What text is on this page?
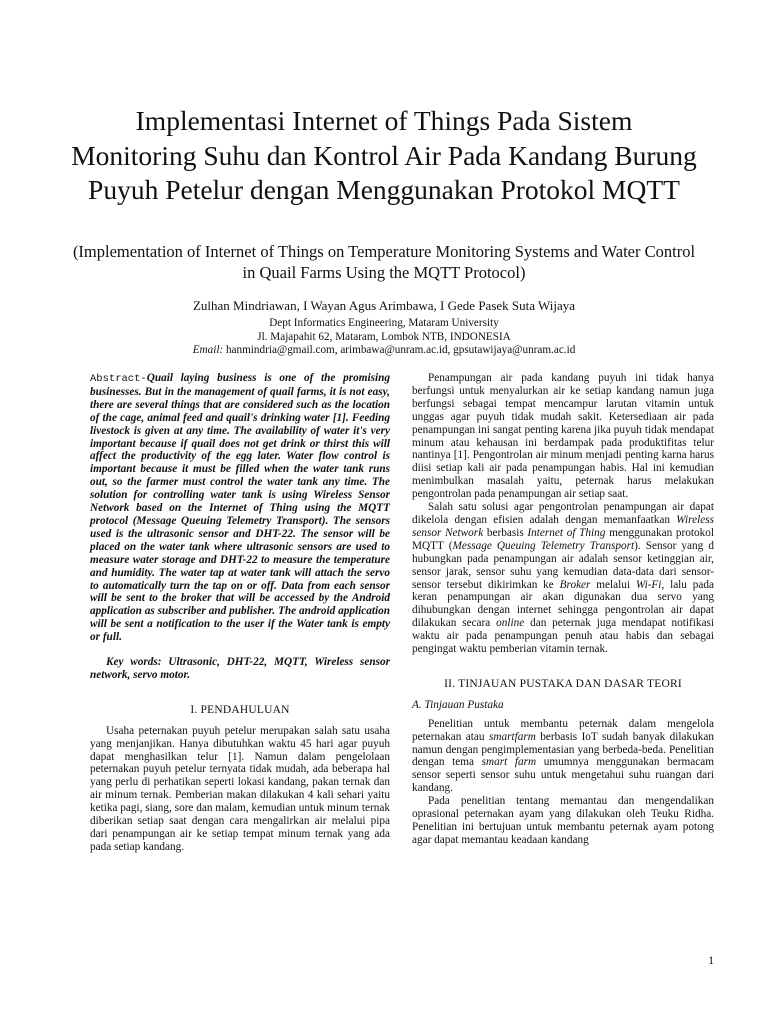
Implementasi Internet of Things Pada Sistem Monitoring Suhu dan Kontrol Air Pada Kandang Burung Puyuh Petelur dengan Menggunakan Protokol MQTT

(Implementation of Internet of Things on Temperature Monitoring Systems and Water Control in Quail Farms Using the MQTT Protocol)

Zulhan Mindriawan, I Wayan Agus Arimbawa, I Gede Pasek Suta Wijaya
Dept Informatics Engineering, Mataram University
Jl. Majapahit 62, Mataram, Lombok NTB, INDONESIA
Email: hanmindria@gmail.com, arimbawa@unram.ac.id, gpsutawijaya@unram.ac.id

Abstract-Quail laying business is one of the promising businesses. But in the management of quail farms, it is not easy, there are several things that are considered such as the location of the cage, animal feed and quail's drinking water [1]. Feeding livestock is given at any time. The availability of water it's very important because if quail does not get drink or thirst this will affect the productivity of the egg later. Water flow control is important because it must be filled when the water tank runs out, so the farmer must control the water tank any time. The solution for controlling water tank is using Wireless Sensor Network based on the Internet of Thing using the MQTT protocol (Message Queuing Telemetry Transport). The sensors used is the ultrasonic sensor and DHT-22. The sensor will be placed on the water tank where ultrasonic sensors are used to measure water storage and DHT-22 to measure the temperature and humidity. The water tap at water tank will attach the servo to automatically turn the tap on or off. Data from each sensor will be sent to the broker that will be accessed by the Android application as subscriber and publisher. The android application will be sent a notification to the user if the Water tank is empty or full.

Key words: Ultrasonic, DHT-22, MQTT, Wireless sensor network, servo motor.

I. PENDAHULUAN

Usaha peternakan puyuh petelur merupakan salah satu usaha yang menjanjikan. Hanya dibutuhkan waktu 45 hari agar puyuh dapat menghasilkan telur [1]. Namun dalam pengelolaan peternakan puyuh petelur ternyata tidak mudah, ada beberapa hal yang perlu di perhatikan seperti lokasi kandang, pakan ternak dan air minum ternak. Pemberian makan dilakukan 4 kali sehari yaitu ketika pagi, siang, sore dan malam, kemudian untuk minum ternak diberikan setiap saat dengan cara mengalirkan air melalui pipa dari penampungan air ke setiap tempat minum ternak yang ada pada setiap kandang.

Penampungan air pada kandang puyuh ini tidak hanya berfungsi untuk menyalurkan air ke setiap kandang namun juga berfungsi sebagai tempat mencampur larutan vitamin untuk unggas agar puyuh tidak mudah sakit. Ketersediaan air pada penampungan ini sangat penting karena jika puyuh tidak mendapat minum atau kehausan ini berdampak pada produktifitas telur nantinya [1]. Pengontrolan air minum menjadi penting karna harus diisi setiap kali air pada penampungan habis. Hal ini kemudian menimbulkan masalah yaitu, peternak harus melakukan pengontrolan pada penampungan air setiap saat.

Salah satu solusi agar pengontrolan penampungan air dapat dikelola dengan efisien adalah dengan memanfaatkan Wireless sensor Network berbasis Internet of Thing menggunakan protokol MQTT (Message Queuing Telemetry Transport). Sensor yang d hubungkan pada penampungan air adalah sensor ketinggian air, sensor jarak, sensor suhu yang kemudian data-data dari sensor-sensor tersebut dikirimkan ke Broker melalui Wi-Fi, lalu pada keran penampungan air akan digunakan dua servo yang dihubungkan dengan internet sehingga pengontrolan air dapat dilakukan secara online dan peternak juga mendapat notifikasi waktu air pada penampungan penuh atau habis dan sebagai pengingat waktu pemberian vitamin ternak.

II. TINJAUAN PUSTAKA DAN DASAR TEORI
A. Tinjauan Pustaka

Penelitian untuk membantu peternak dalam mengelola peternakan atau smartfarm berbasis IoT sudah banyak dilakukan namun dengan pengimplementasian yang berbeda-beda. Penelitian dengan tema smart farm umumnya menggunakan bermacam sensor seperti sensor suhu untuk mengetahui suhu ruangan dari kandang.

Pada penelitian tentang memantau dan mengendalikan oprasional peternakan ayam yang dilakukan oleh Teuku Ridha. Penelitian ini bertujuan untuk membantu peternak ayam potong agar dapat memantau keadaan kandang

1
